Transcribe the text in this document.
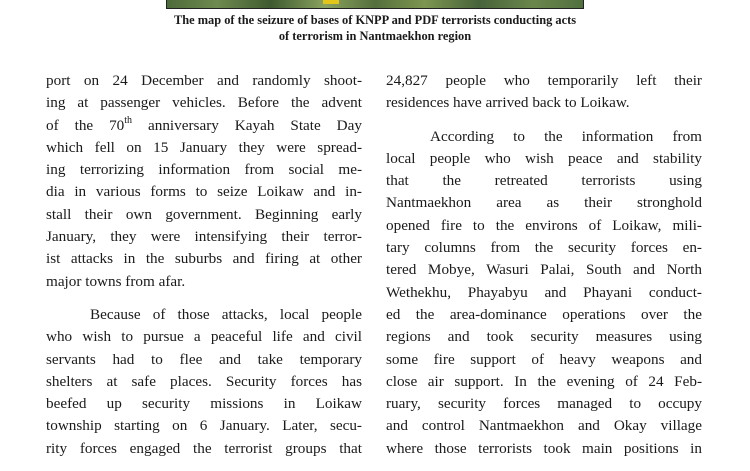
The map of the seizure of bases of KNPP and PDF terrorists conducting acts
of terrorism in Nantmaekhon region
port on 24 December and randomly shoot-
ing at passenger vehicles. Before the advent
of the 70th anniversary Kayah State Day
which fell on 15 January they were spread-
ing terrorizing information from social me-
dia in various forms to seize Loikaw and in-
stall their own government. Beginning early
January, they were intensifying their terror-
ist attacks in the suburbs and firing at other
major towns from afar.
Because of those attacks, local people
who wish to pursue a peaceful life and civil
servants had to flee and take temporary
shelters at safe places. Security forces has
beefed up security missions in Loikaw
township starting on 6 January. Later, secu-
rity forces engaged the terrorist groups that
24,827 people who temporarily left their
residences have arrived back to Loikaw.
According to the information from
local people who wish peace and stability
that the retreated terrorists using
Nantmaekhon area as their stronghold
opened fire to the environs of Loikaw, mili-
tary columns from the security forces en-
tered Mobye, Wasuri Palai, South and North
Wethekhu, Phayabyu and Phayani conduct-
ed the area-dominance operations over the
regions and took security measures using
some fire support of heavy weapons and
close air support. In the evening of 24 Feb-
ruary, security forces managed to occupy
and control Nantmaekhon and Okay village
where those terrorists took main positions in
